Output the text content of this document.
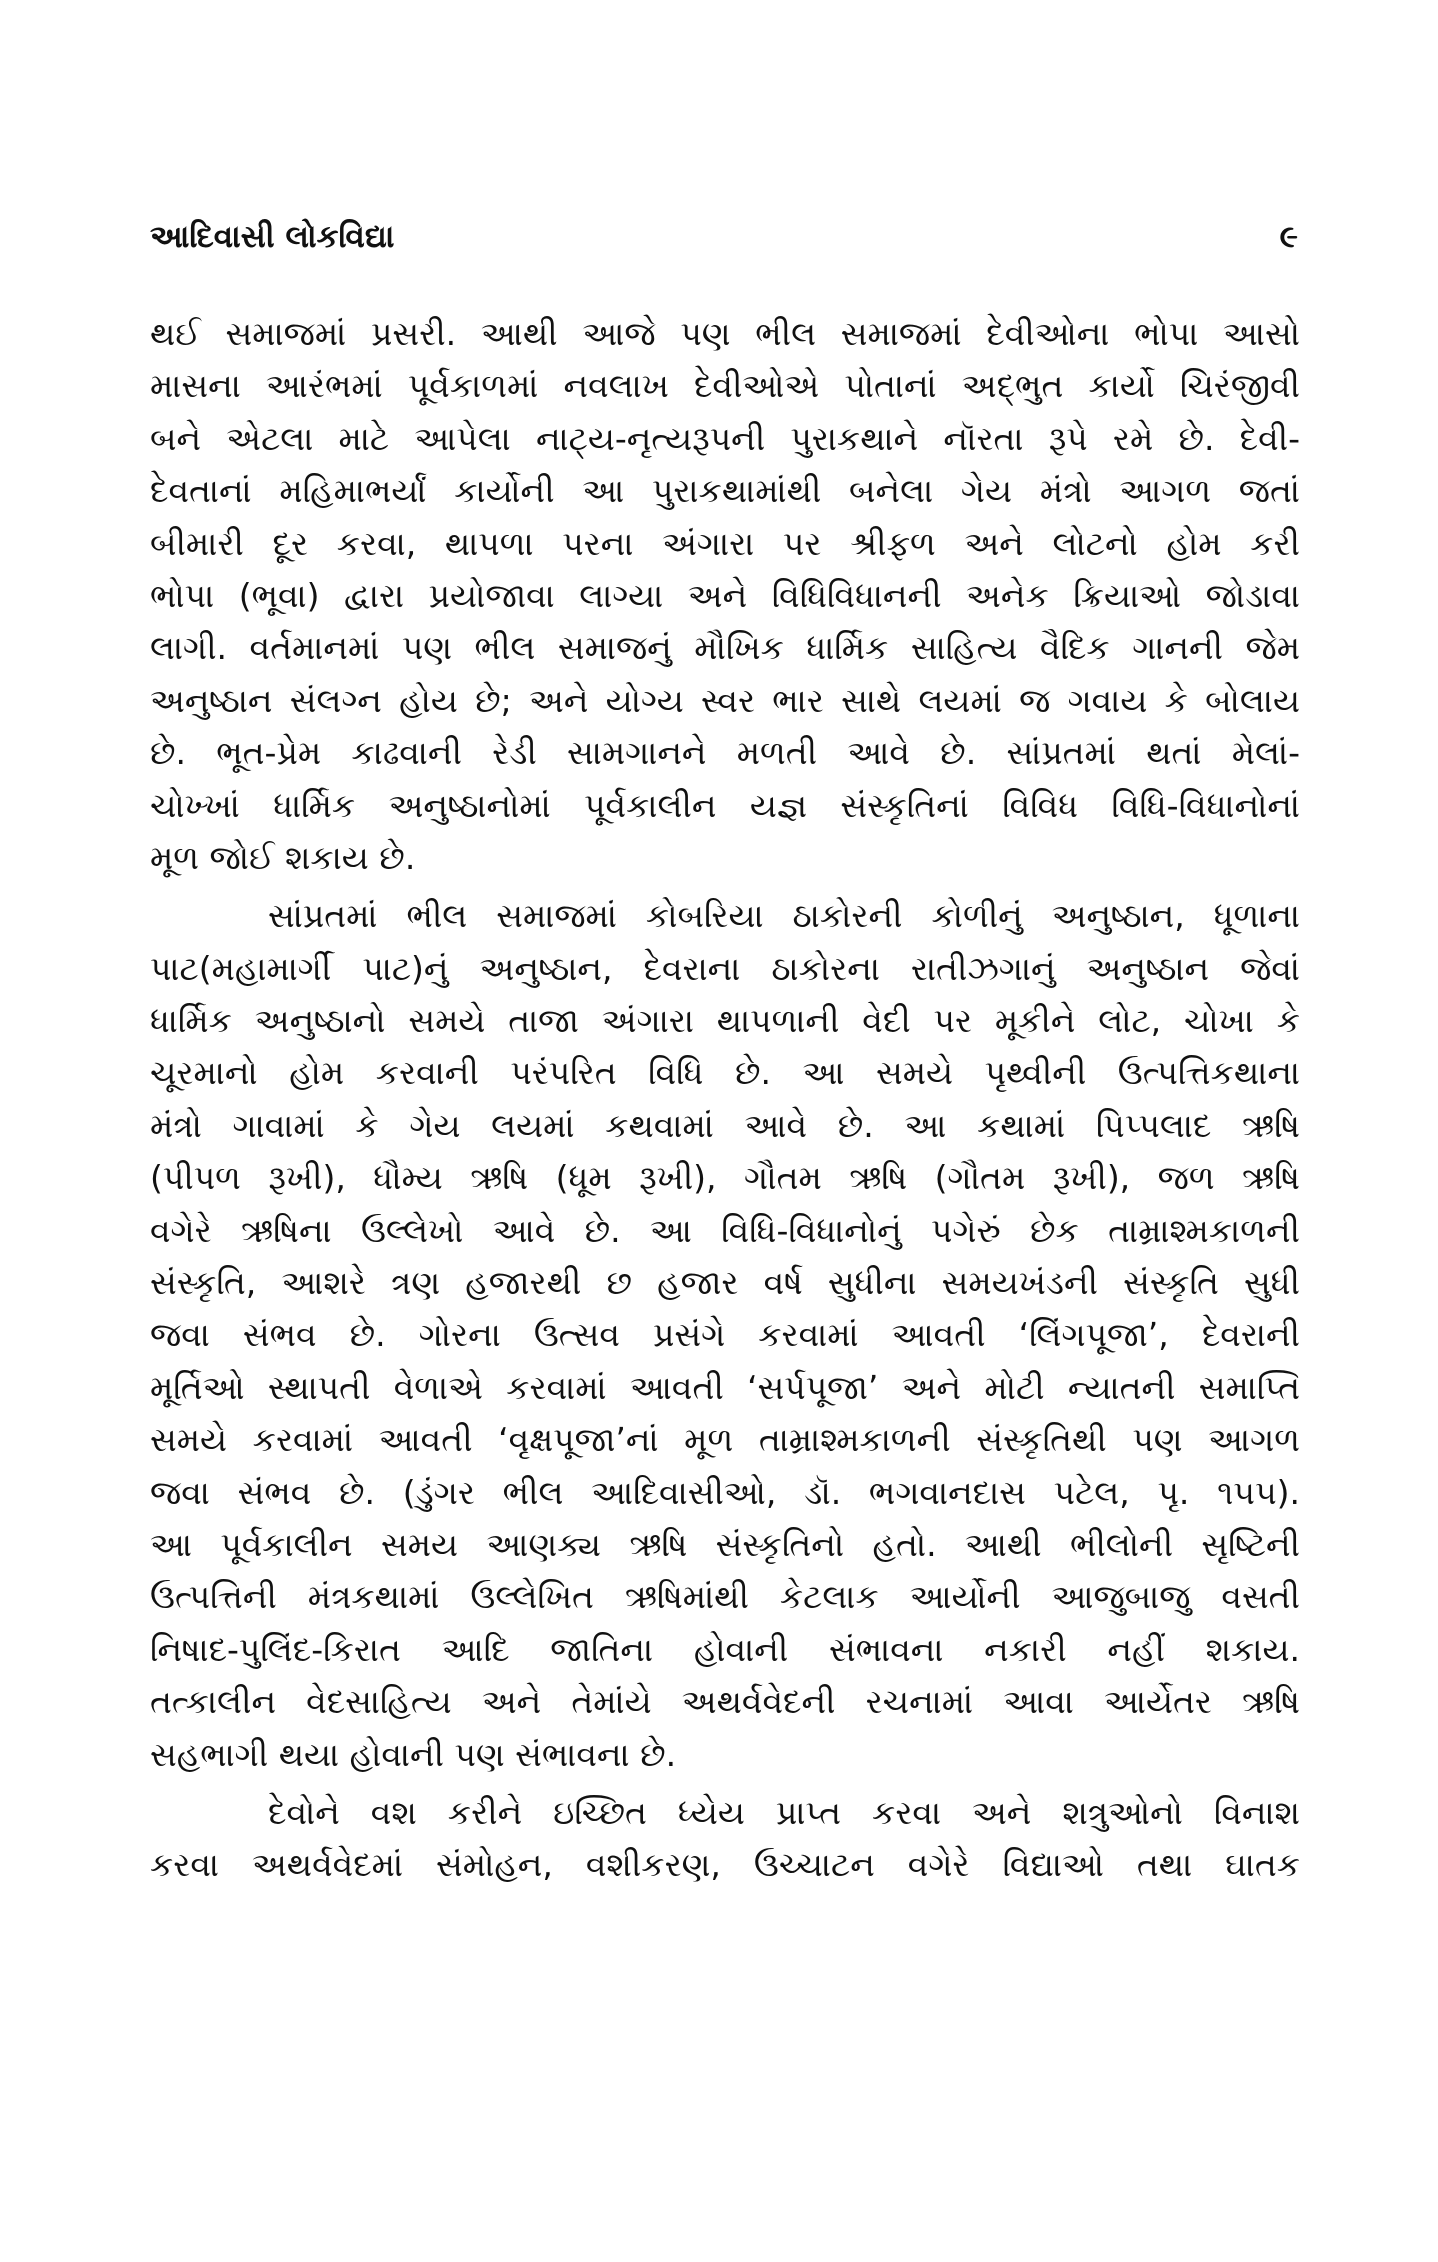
આદિવાસી લોકવિદ્યા	૯
થઈ સમાજમાં પ્રસરી. આથી આજે પણ ભીલ સમાજમાં દેવીઓના ભોપા આસો
માસના આરંભમાં પૂર્વકાળમાં નવલાખ દેવીઓએ પોતાનાં અદ્‌ભુત કાર્યો ચિરંજીવી
બને એટલા માટે આપેલા નાટ્ય-નૃત્યરૂપની પુરાકથાને નૉરતા રૂપે રમે છે. દેવી-
દેવતાનાં મહિમાભર્યાં કાર્યોની આ પુરાકથામાંથી બનેલા ગેય મંત્રો આગળ જતાં
બીમારી દૂર કરવા, થાપળા પરના અંગારા પર શ્રીફળ અને લોટનો હોમ કરી
ભોપા (ભૂવા) દ્વારા પ્રયોજાવા લાગ્યા અને વિધિવિધાનની અનેક ક્રિયાઓ જોડાવા
લાગી. વર્તમાનમાં પણ ભીલ સમાજનું મૌખિક ધાર્મિક સાહિત્ય વૈદિક ગાનની જેમ
અનુષ્ઠાન સંલગ્ન હોય છે; અને યોગ્ય સ્વર ભાર સાથે લયમાં જ ગવાય કે બોલાય
છે. ભૂત-પ્રેમ કાઢવાની રેડી સામગાનને મળતી આવે છે. સાંપ્રતમાં થતાં મેલાં-
ચોખ્ખાં ધાર્મિક અનુષ્ઠાનોમાં પૂર્વકાલીન યજ્ઞ સંસ્કૃતિનાં વિવિધ વિધિ-વિધાનોનાં
મૂળ જોઈ શકાય છે.
સાંપ્રતમાં ભીલ સમાજમાં કોબરિયા ઠાકોરની કોળીનું અનુષ્ઠાન, ધૂળાના
પાટ(મહામાર્ગી પાટ)નું અનુષ્ઠાન, દેવરાના ઠાકોરના રાતીઝગાનું અનુષ્ઠાન જેવાં
ધાર્મિક અનુષ્ઠાનો સમયે તાજા અંગારા થાપળાની વેદી પર મૂકીને લોટ, ચોખા કે
ચૂરમાનો હોમ કરવાની પરંપરિત વિધિ છે. આ સમયે પૃથ્વીની ઉત્પત્તિકથાના
મંત્રો ગાવામાં કે ગેય લયમાં કથવામાં આવે છે. આ કથામાં પિપ્પલાદ ઋષિ
(પીપળ રૂખી), ધૌમ્ય ઋષિ (ધૂમ રૂખી), ગૌતમ ઋષિ (ગૌતમ રૂખી), જળ ઋષિ
વગેરે ઋષિના ઉલ્લેખો આવે છે. આ વિધિ-વિધાનોનું પગેરું છેક તામ્રાશ્મકાળની
સંસ્કૃતિ, આશરે ત્રણ હજારથી છ હજાર વર્ષ સુધીના સમયખંડની સંસ્કૃતિ સુધી
જવા સંભવ છે. ગોરના ઉત્સવ પ્રસંગે કરવામાં આવતી ‘લિંગપૂજા’, દેવરાની
મૂર્તિઓ સ્થાપતી વેળાએ કરવામાં આવતી ‘સર્પપૂજા’ અને મોટી ન્યાતની સમાપ્તિ
સમયે કરવામાં આવતી ‘વૃક્ષપૂજા’નાં મૂળ તામ્રાશ્મકાળની સંસ્કૃતિથી પણ આગળ
જવા સંભવ છે. (ડુંગર ભીલ આદિવાસીઓ, ડૉ. ભગવાનદાસ પટેલ, પૃ. ૧૫૫).
આ પૂર્વકાલીન સમય આણક્ય ઋષિ સંસ્કૃતિનો હતો. આથી ભીલોની સૃષ્ટિની
ઉત્પત્તિની મંત્રકથામાં ઉલ્લેખિત ઋષિમાંથી કેટલાક આર્યોની આજુબાજુ વસતી
નિષાદ-પુલિંદ-કિરાત આદિ જાતિના હોવાની સંભાવના નકારી નહીં શકાય.
તત્કાલીન વેદસાહિત્ય અને તેમાંયે અથર્વવેદની રચનામાં આવા આર્યેતર ઋષિ
સહભાગી થયા હોવાની પણ સંભાવના છે.
દેવોને વશ કરીને ઇચ્છિત ધ્યેય પ્રાપ્ત કરવા અને શત્રુઓનો વિનાશ
કરવા અથર્વવેદમાં સંમોહન, વશીકરણ, ઉચ્ચાટન વગેરે વિદ્યાઓ તથા ઘાતક
